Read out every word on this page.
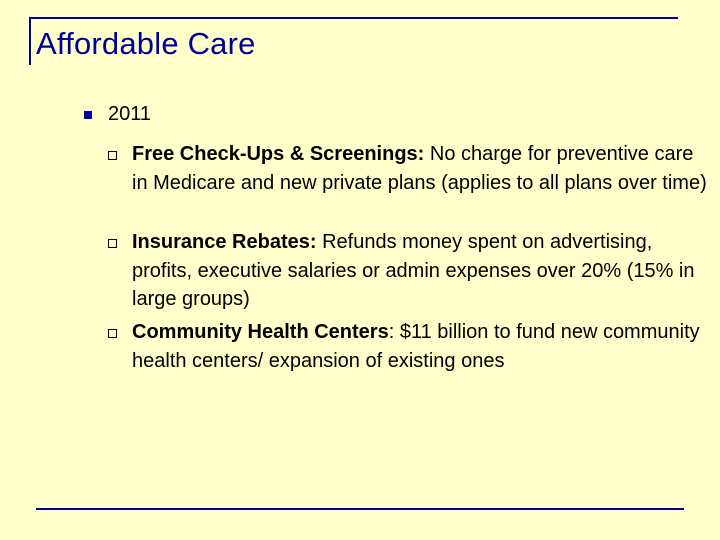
Affordable Care
2011
Free Check-Ups & Screenings: No charge for preventive care in Medicare and new private plans (applies to all plans over time)
Insurance Rebates: Refunds money spent on advertising, profits, executive salaries or admin expenses over 20% (15% in large groups)
Community Health Centers: $11 billion to fund new community health centers/ expansion of existing ones
